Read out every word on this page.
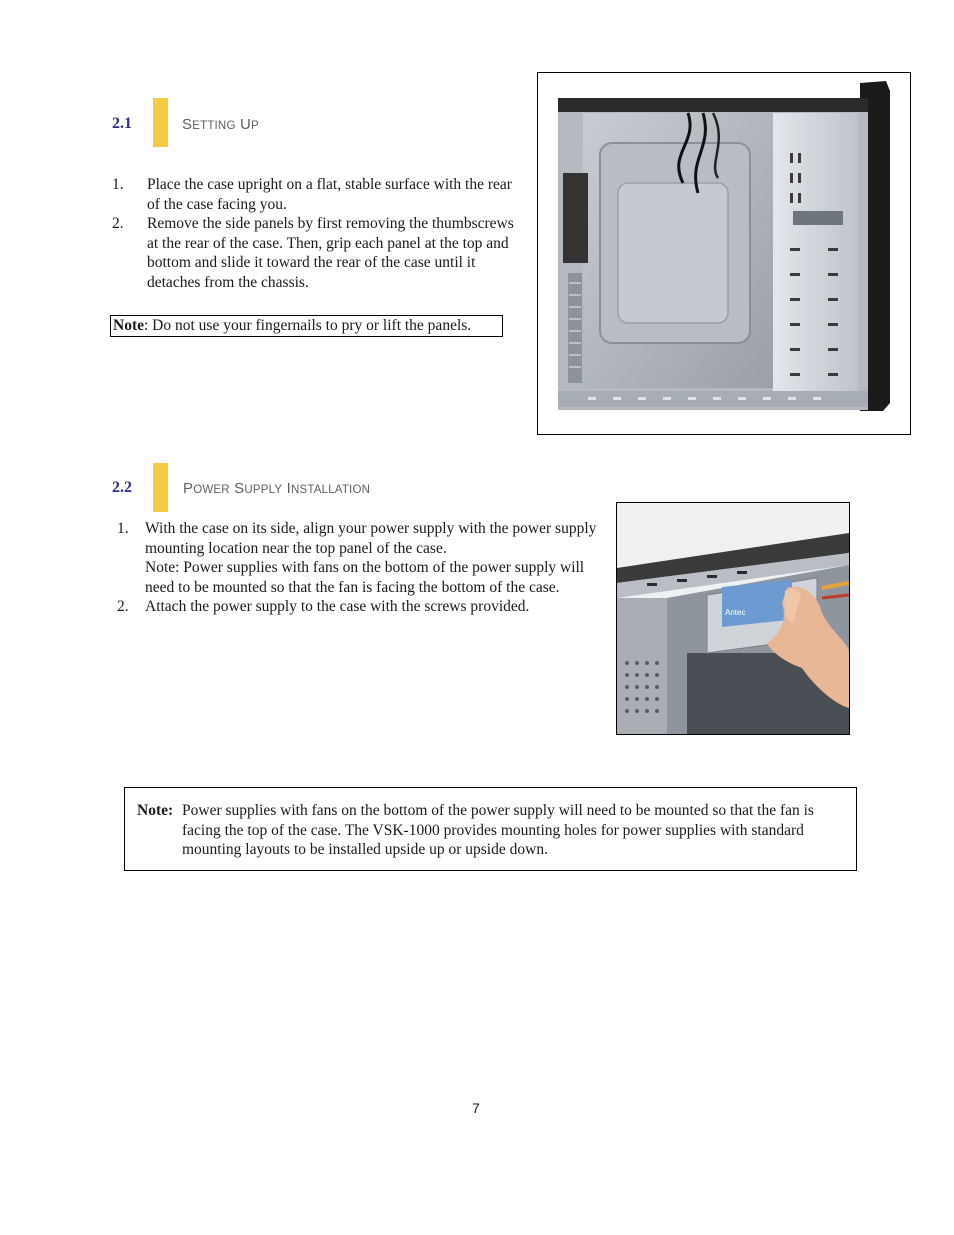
2.1	SETTING UP
1. Place the case upright on a flat, stable surface with the rear of the case facing you.
2. Remove the side panels by first removing the thumbscrews at the rear of the case. Then, grip each panel at the top and bottom and slide it toward the rear of the case until it detaches from the chassis.
Note: Do not use your fingernails to pry or lift the panels.
2.2	POWER SUPPLY INSTALLATION
1. With the case on its side, align your power supply with the power supply mounting location near the top panel of the case.
Note: Power supplies with fans on the bottom of the power supply will need to be mounted so that the fan is facing the bottom of the case.
2. Attach the power supply to the case with the screws provided.	Antec
Note: Power supplies with fans on the bottom of the power supply will need to be mounted so that the fan is facing the top of the case. The VSK-1000 provides mounting holes for power supplies with standard mounting layouts to be installed upside up or upside down.
7
